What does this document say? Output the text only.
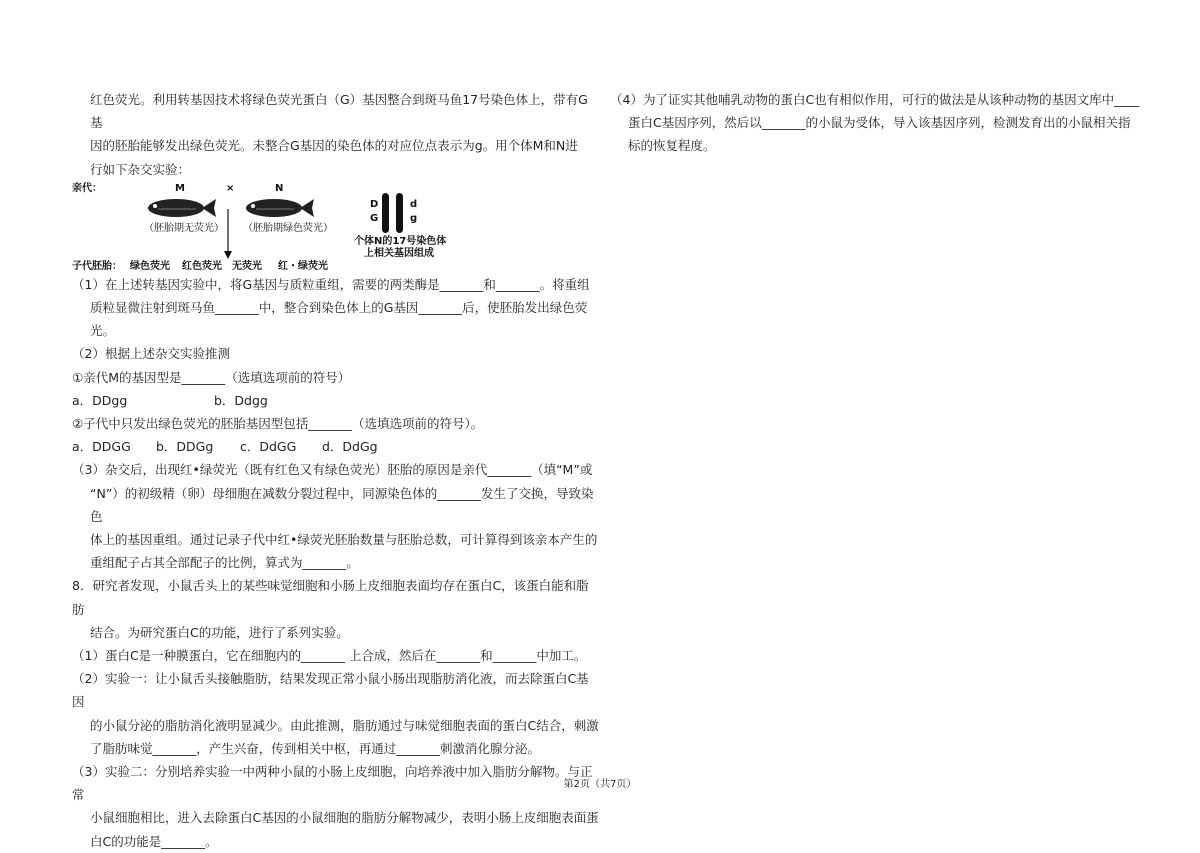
红色荧光。利用转基因技术将绿色荧光蛋白（G）基因整合到斑马鱼17号染色体上，带有G基

因的胚胎能够发出绿色荧光。未整合G基因的染色体的对应位点表示为g。用个体M和N进

行如下杂交实验：

亲代：	M	×	N
（胚胎期无荧光） （胚胎期绿色荧光）
D
G
d
g
个体N的17号染色体
上相关基因组成
子代胚胎： 绿色荧光 红色荧光 无荧光 红・绿荧光

（1）在上述转基因实验中，将G基因与质粒重组，需要的两类酶是_______和_______。将重组

质粒显微注射到斑马鱼_______中，整合到染色体上的G基因_______后，使胚胎发出绿色荧

光。

（2）根据上述杂交实验推测

①亲代M的基因型是_______（选填选项前的符号）

a．DDgg	b．Ddgg

②子代中只发出绿色荧光的胚胎基因型包括_______（选填选项前的符号）。

a．DDGG b．DDGg c．DdGG d．DdGg

（3）杂交后，出现红•绿荧光（既有红色又有绿色荧光）胚胎的原因是亲代_______（填“M”或

“N”）的初级精（卵）母细胞在减数分裂过程中，同源染色体的_______发生了交换，导致染色

体上的基因重组。通过记录子代中红•绿荧光胚胎数量与胚胎总数，可计算得到该亲本产生的

重组配子占其全部配子的比例，算式为_______。

8．研究者发现，小鼠舌头上的某些味觉细胞和小肠上皮细胞表面均存在蛋白C，该蛋白能和脂肪

结合。为研究蛋白C的功能，进行了系列实验。

（1）蛋白C是一种膜蛋白，它在细胞内的_______ 上合成，然后在_______和_______中加工。

（2）实验一：让小鼠舌头接触脂肪，结果发现正常小鼠小肠出现脂肪消化液，而去除蛋白C基因

的小鼠分泌的脂肪消化液明显减少。由此推测，脂肪通过与味觉细胞表面的蛋白C结合，刺激

了脂肪味觉_______，产生兴奋，传到相关中枢，再通过_______刺激消化腺分泌。

（3）实验二：分别培养实验一中两种小鼠的小肠上皮细胞，向培养液中加入脂肪分解物。与正常

小鼠细胞相比，进入去除蛋白C基因的小鼠细胞的脂肪分解物减少，表明小肠上皮细胞表面蛋

白C的功能是_______。

（4）为了证实其他哺乳动物的蛋白C也有相似作用，可行的做法是从该种动物的基因文库中____

蛋白C基因序列，然后以_______的小鼠为受体，导入该基因序列，检测发育出的小鼠相关指

标的恢复程度。

第2页（共7页）
